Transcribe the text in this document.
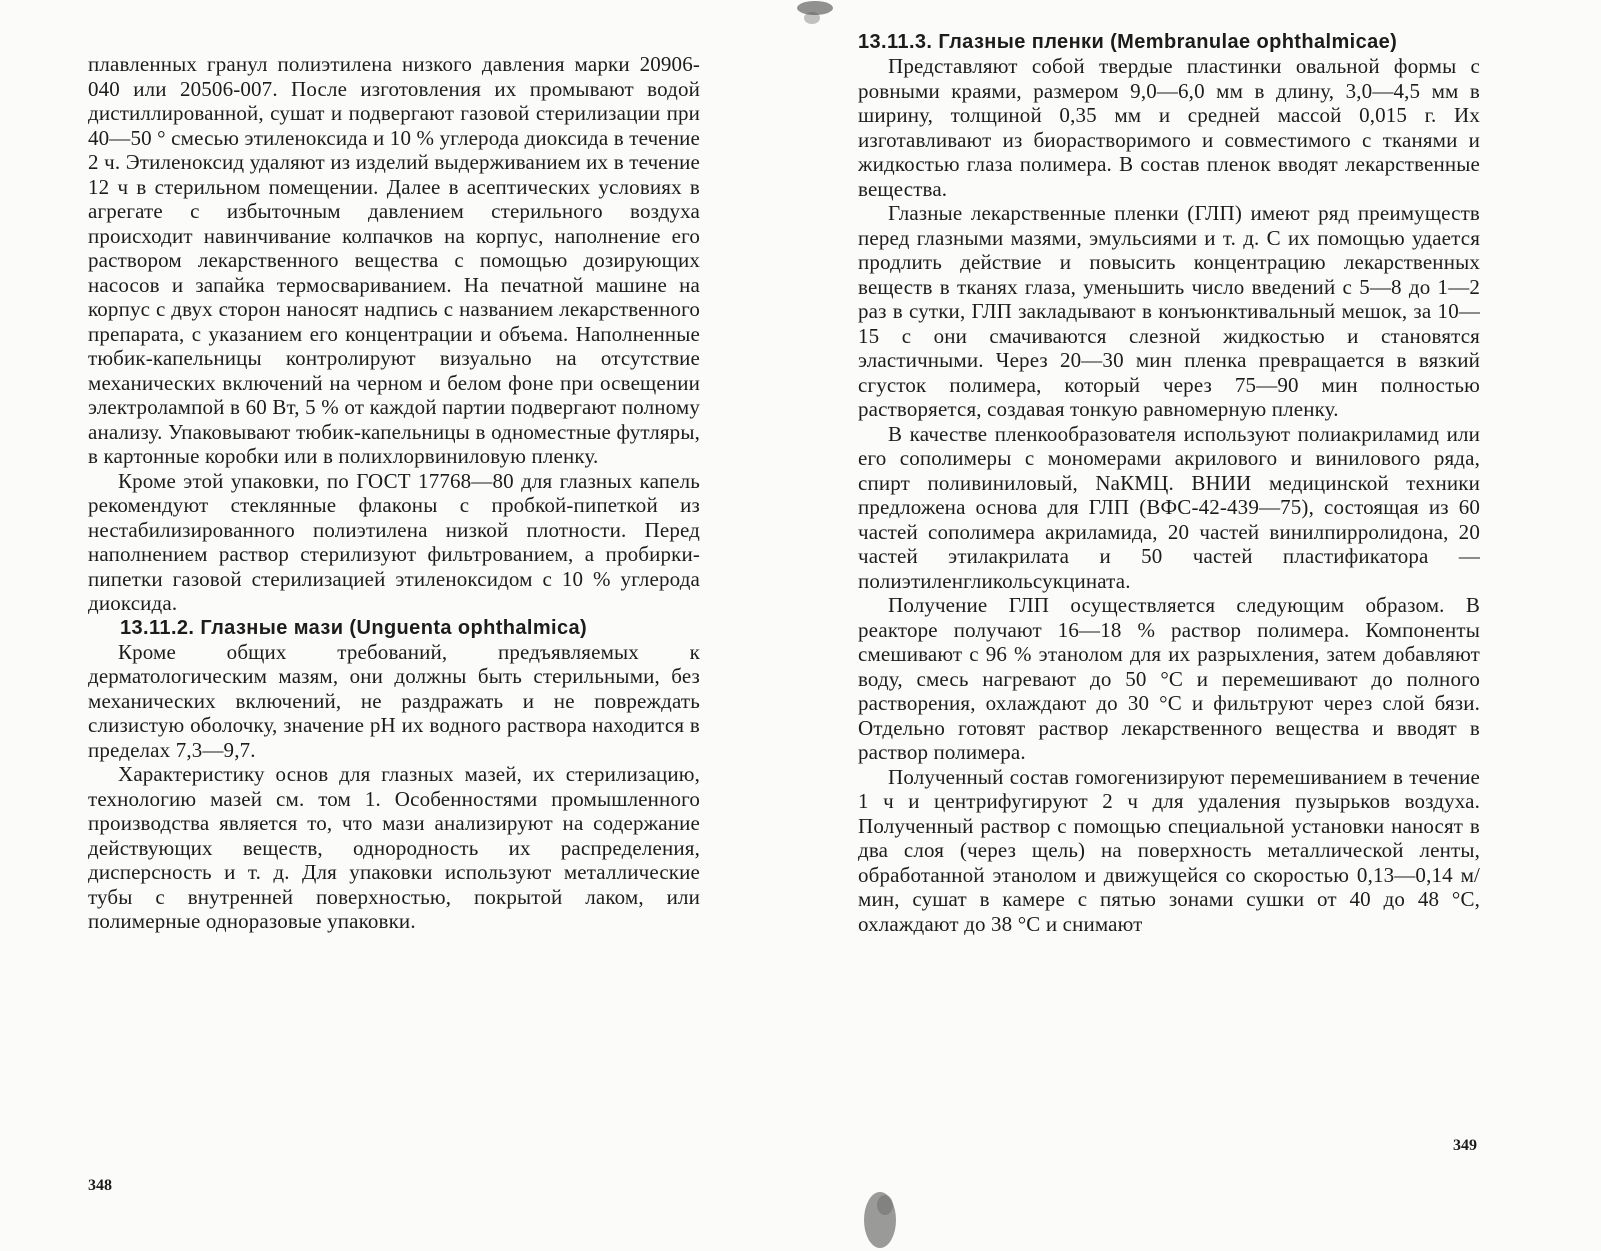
плавленных гранул полиэтилена низкого давления марки 20906-040 или 20506-007. После изготовления их промывают водой дистиллированной, сушат и подвергают газовой стерилизации при 40—50 ° смесью этиленоксида и 10 % углерода диоксида в течение 2 ч. Этиленоксид удаляют из изделий выдерживанием их в течение 12 ч в стерильном помещении. Далее в асептических условиях в агрегате с избыточным давлением стерильного воздуха происходит навинчивание колпачков на корпус, наполнение его раствором лекарственного вещества с помощью дозирующих насосов и запайка термосвариванием. На печатной машине на корпус с двух сторон наносят надпись с названием лекарственного препарата, с указанием его концентрации и объема. Наполненные тюбик-капельницы контролируют визуально на отсутствие механических включений на черном и белом фоне при освещении электролампой в 60 Вт, 5 % от каждой партии подвергают полному анализу. Упаковывают тюбик-капельницы в одноместные футляры, в картонные коробки или в полихлорвиниловую пленку.

Кроме этой упаковки, по ГОСТ 17768—80 для глазных капель рекомендуют стеклянные флаконы с пробкой-пипеткой из нестабилизированного полиэтилена низкой плотности. Перед наполнением раствор стерилизуют фильтрованием, а пробирки-пипетки газовой стерилизацией этиленоксидом с 10 % углерода диоксида.

13.11.2. Глазные мази (Unguenta ophthalmica)

Кроме общих требований, предъявляемых к дерматологическим мазям, они должны быть стерильными, без механических включений, не раздражать и не повреждать слизистую оболочку, значение pH их водного раствора находится в пределах 7,3—9,7.

Характеристику основ для глазных мазей, их стерилизацию, технологию мазей см. том 1. Особенностями промышленного производства является то, что мази анализируют на содержание действующих веществ, однородность их распределения, дисперсность и т. д. Для упаковки используют металлические тубы с внутренней поверхностью, покрытой лаком, или полимерные одноразовые упаковки.

348
13.11.3. Глазные пленки (Membranulae ophthalmicae)

Представляют собой твердые пластинки овальной формы с ровными краями, размером 9,0—6,0 мм в длину, 3,0—4,5 мм в ширину, толщиной 0,35 мм и средней массой 0,015 г. Их изготавливают из биорастворимого и совместимого с тканями и жидкостью глаза полимера. В состав пленок вводят лекарственные вещества.

Глазные лекарственные пленки (ГЛП) имеют ряд преимуществ перед глазными мазями, эмульсиями и т. д. С их помощью удается продлить действие и повысить концентрацию лекарственных веществ в тканях глаза, уменьшить число введений с 5—8 до 1—2 раз в сутки, ГЛП закладывают в конъюнктивальный мешок, за 10—15 с они смачиваются слезной жидкостью и становятся эластичными. Через 20—30 мин пленка превращается в вязкий сгусток полимера, который через 75—90 мин полностью растворяется, создавая тонкую равномерную пленку.

В качестве пленкообразователя используют полиакриламид или его сополимеры с мономерами акрилового и винилового ряда, спирт поливиниловый, NaКМЦ. ВНИИ медицинской техники предложена основа для ГЛП (ВФС-42-439—75), состоящая из 60 частей сополимера акриламида, 20 частей винилпирролидона, 20 частей этилакрилата и 50 частей пластификатора — полиэтиленгликольсукцината.

Получение ГЛП осуществляется следующим образом. В реакторе получают 16—18 % раствор полимера. Компоненты смешивают с 96 % этанолом для их разрыхления, затем добавляют воду, смесь нагревают до 50 °С и перемешивают до полного растворения, охлаждают до 30 °С и фильтруют через слой бязи. Отдельно готовят раствор лекарственного вещества и вводят в раствор полимера.

Полученный состав гомогенизируют перемешиванием в течение 1 ч и центрифугируют 2 ч для удаления пузырьков воздуха. Полученный раствор с помощью специальной установки наносят в два слоя (через щель) на поверхность металлической ленты, обработанной этанолом и движущейся со скоростью 0,13—0,14 м/мин, сушат в камере с пятью зонами сушки от 40 до 48 °С, охлаждают до 38 °С и снимают

349
